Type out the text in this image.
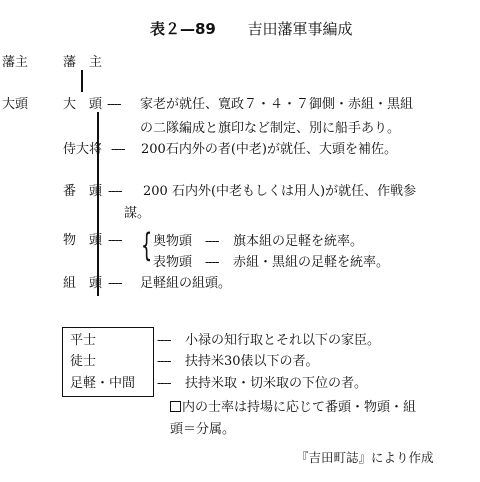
表２—89 吉田藩軍事編成
藩主
大頭
藩　主
大　頭
侍大将
番　頭
物　頭
組　頭
----
----
----
----
----
家老が就任、寛政７・４・７御側・赤組・黒組
の二隊編成と旗印など制定、別に船手あり。
200石内外の者(中老)が就任、大頭を補佐。
200 石内外(中老もしくは用人)が就任、作戦参
謀。
足軽組の組頭。
{ 奥物頭 ---- 旗本組の足軽を統率。
表物頭 ---- 赤組・黒組の足軽を統率。
平士
徒士
足軽・中間
----
----
----
小禄の知行取とそれ以下の家臣。
扶持米30俵以下の者。
扶持米取・切米取の下位の者。
内の士率は持場に応じて番頭・物頭・組
頭＝分属。
『吉田町誌』により作成
